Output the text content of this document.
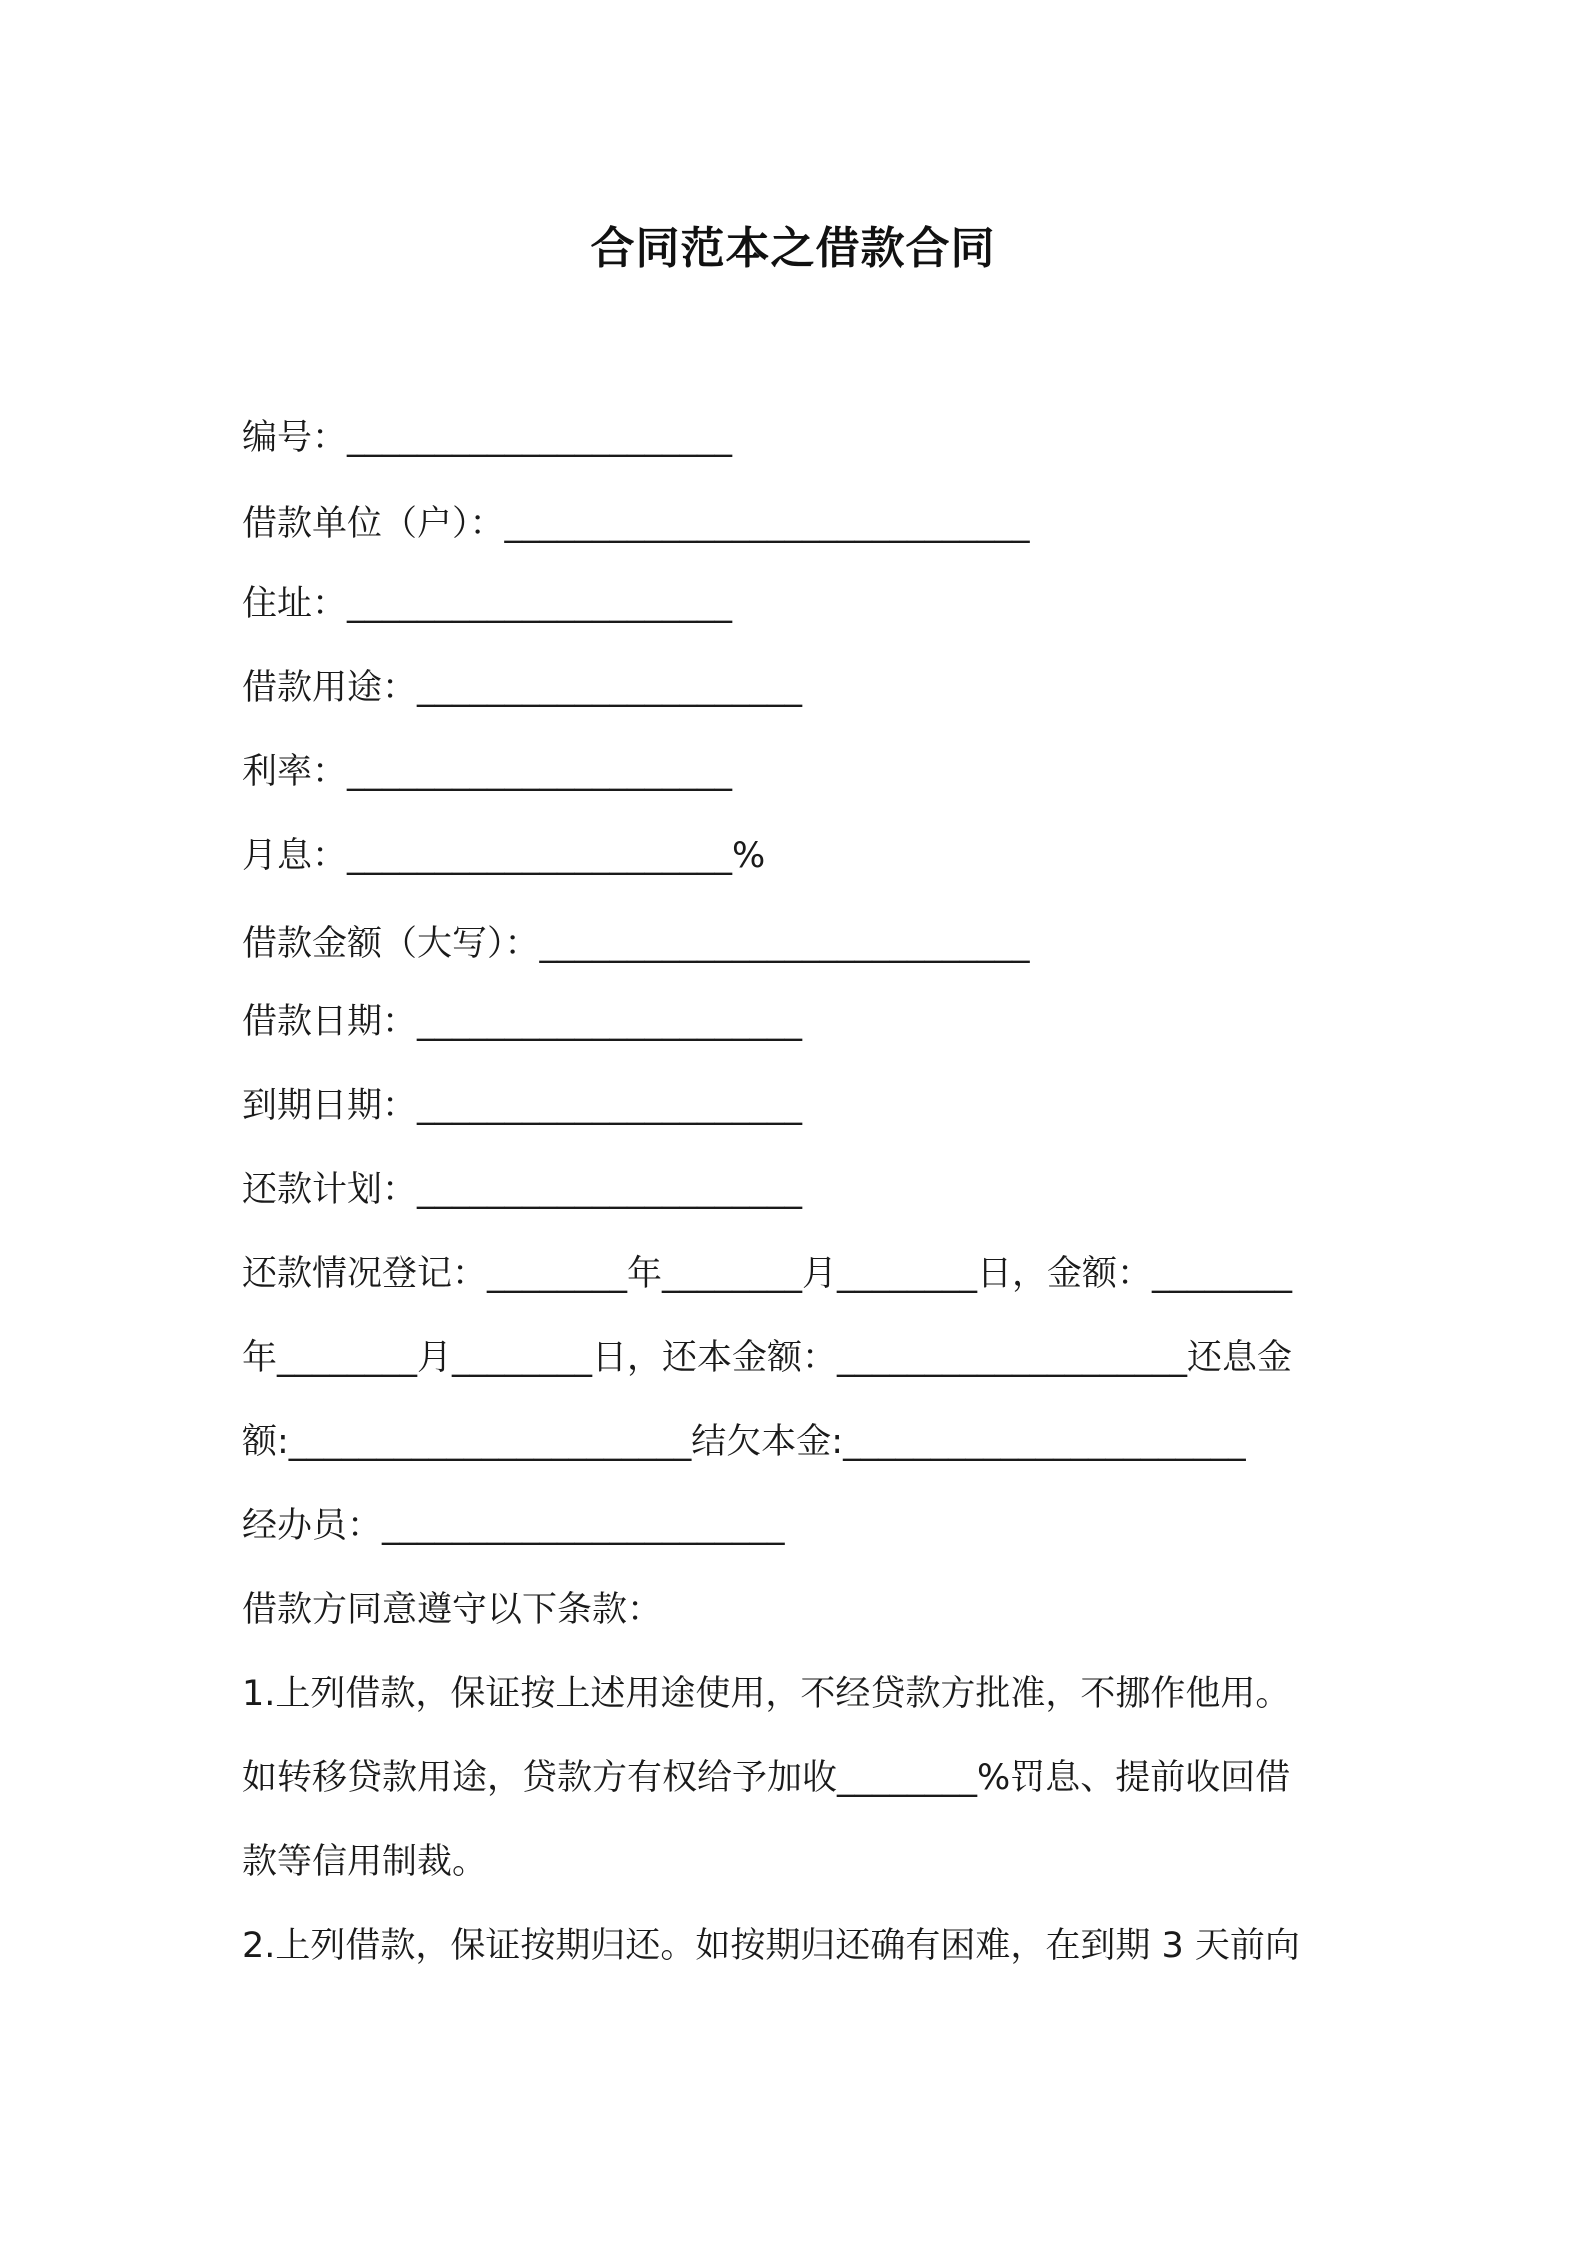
合同范本之借款合同
编号：______________________
借款单位（户）：______________________________
住址：______________________
借款用途：______________________
利率：______________________
月息：______________________%
借款金额（大写）：____________________________
借款日期：______________________
到期日期：______________________
还款计划：______________________
还款情况登记：________年________月________日，金额：________
年________月________日，还本金额：____________________还息金
额:_______________________结欠本金:_______________________
经办员：_______________________
借款方同意遵守以下条款：
1.上列借款，保证按上述用途使用，不经贷款方批准，不挪作他用。
如转移贷款用途，贷款方有权给予加收________%罚息、提前收回借
款等信用制裁。
2.上列借款，保证按期归还。如按期归还确有困难，在到期 3 天前向
